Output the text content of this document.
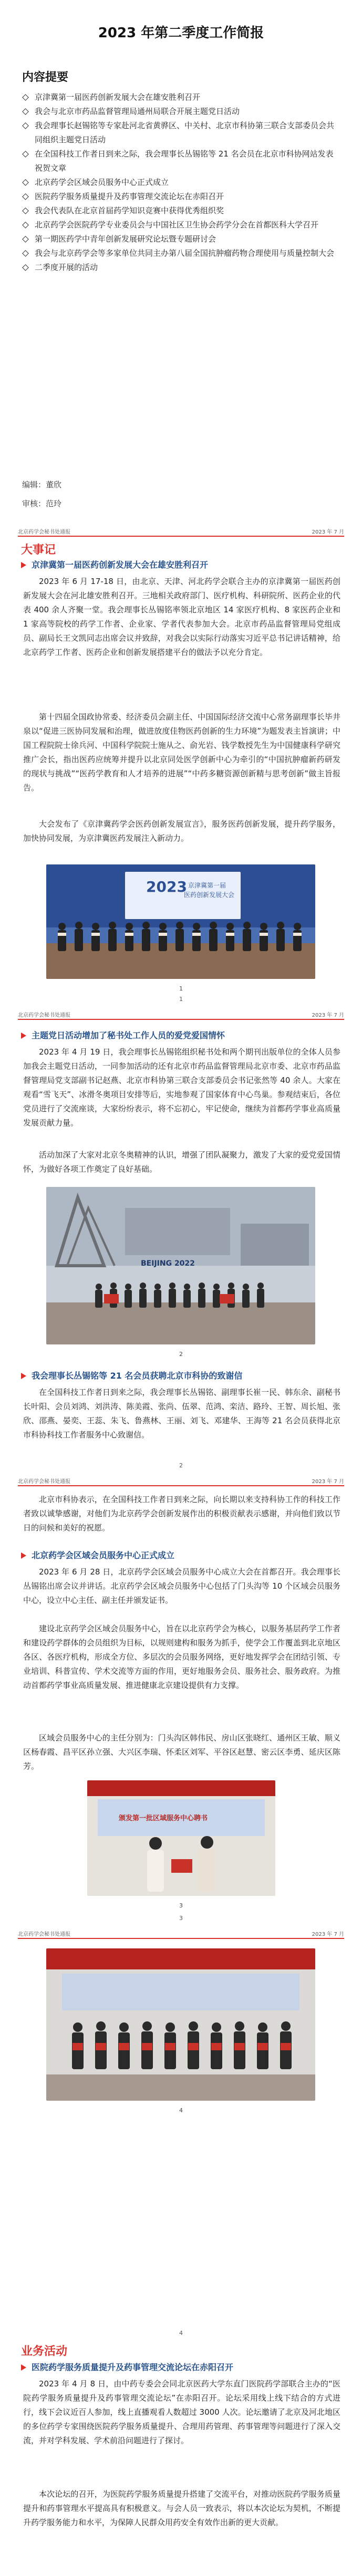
2023 年第二季度工作简报
内容提要
京津冀第一届医药创新发展大会在雄安胜利召开
我会与北京市药品监督管理局通州局联合开展主题党日活动
我会理事长赵锡铭等专家赴河北省黄骅区、中关村、北京市科协第三联合支部委员会共同组织主题党日活动
在全国科技工作者日到来之际，我会理事长丛锡铭等 21 名会员在北京市科协网站发表祝贺文章
北京药学会区域会员服务中心正式成立
医院药学服务质量提升及药事管理交流论坛在赤阳召开
我会代表队在北京首届药学知识竞赛中获得优秀组织奖
北京药学会医院药学专业委员会与中国社区卫生协会药学分会在首都医科大学召开
第一期医药学中青年创新发展研究论坛暨专题研讨会
我会与北京药学会等多家单位共同主办第八届全国抗肿瘤药物合理使用与质量控制大会
二季度开展的活动
编辑：董欣
审核：范玲
北京药学会秘书处通报	2023 年 7 月
大事记
京津冀第一届医药创新发展大会在雄安胜利召开
2023 年 6 月 17-18 日，由北京、天津、河北药学会联合主办的京津冀第一届医药创新发展大会在河北雄安胜利召开。三地相关政府部门、医疗机构、科研院所、医药企业的代表 400 余人齐聚一堂。我会理事长丛锡铭率领北京地区 14 家医疗机构、8 家医药企业和 1 家高等院校的药学工作者、企业家、学者代表参加大会。北京市药品监督管理局党组成员、副局长王文凯同志出席会议并致辞，对我会以实际行动落实习近平总书记讲话精神，给北京药学工作者、医药企业和创新发展搭建平台的做法予以充分肯定。
第十四届全国政协常委、经济委员会副主任、中国国际经济交流中心常务副理事长毕井泉以“促进三医协同发展和治理，做进放度佳物医药创新的生力环境”为题发表主旨演讲；中国工程院院士徐兵河、中国科学院院士施从之、俞光岩、钱学数授先生为中国健康科学研究推广会长，指出医药应统筹并提升以北京同处医学创新中心为牵引的“中国抗肿瘤新药研发的现状与挑战”“医药学教育和人才培养的进展”“中药多糖资源创新精与思考创新”做主旨报告。
大会发布了《京津冀药学会医药创新发展宣言》，服务医药创新发展，提升药学服务，加快协同发展，为京津冀医药发展注入新动力。
2023 京津冀第一届
医药创新发展大会
1
1
北京药学会秘书处通报	2023 年 7 月
主题党日活动增加了秘书处工作人员的爱党爱国情怀
2023 年 4 月 19 日，我会理事长丛锡铭组织秘书处和两个期刊出版单位的全体人员参加我会主题党日活动，一同参加活动的还有北京市药品监督管理局北京市委、北京市药品监督管理局党支部副书记赵燕、北京市科协第三联合支部委员会书记张然等 40 余人。大家在观看“雪飞天”、冰滑冬奥项目安排等后，实地参观了国家体育中心鸟巢。参观结束后，各位党员进行了交流座谈，大家纷纷表示，将不忘初心，牢记使命，继续为首都药学事业高质量发展贡献力量。
活动加深了大家对北京冬奥精神的认识，增强了团队凝聚力，激发了大家的爱党爱国情怀，为做好各项工作奠定了良好基础。
BEIJING 2022
2
我会理事长丛锡铭等 21 名会员获聘北京市科协的致谢信
在全国科技工作者日到来之际，我会理事长丛锡铭、副理事长崔一民、韩东余、副秘书长叶阳、会员刘鸿、刘洪涛、陈美霞、张尚、伍翠、范鸿、栾洁、路玲、王智、周长旭、张欣、邵燕、晏奕、王蕊、朱飞、鲁燕林、王丽、刘飞、邓建华、王海等 21 名会员获得北京市科协科技工作者服务中心致谢信。
2
北京药学会秘书处通报	2023 年 7 月
北京市科协表示，在全国科技工作者日到来之际，向长期以来支持科协工作的科技工作者致以诚挚感谢，对他们为北京药学会创新发展作出的积极贡献表示感谢，并向他们致以节日的问候和美好的祝愿。
北京药学会区域会员服务中心正式成立
2023 年 6 月 28 日，北京药学会区域会员服务中心成立大会在首都召开。我会理事长丛锡铭出席会议并讲话。北京药学会区域会员服务中心包括了门头沟等 10 个区域会员服务中心，设立中心主任、副主任并颁发证书。
建设北京药学会区域会员服务中心，旨在以北京药学会为核心，以服务基层药学工作者和建设药学群体的会员组织为目标，以规则建构和服务为抓手，使学会工作覆盖到北京地区各区、各医疗机构，形成全方位、多层次的会员服务网络，更好地发挥学会在团结引领、专业培训、科普宣传、学术交流等方面的作用，更好地服务会员、服务社会、服务政府。为推动首都药学事业高质量发展、推进健康北京建设提供有力支撑。
区域会员服务中心的主任分别为：门头沟区韩伟民、房山区张晓红、通州区王敏、顺义区杨春霞、昌平区孙立强、大兴区李瑞、怀柔区刘军、平谷区赵慧、密云区李勇、延庆区陈芳。
颁发第一批区域服务中心聘书
3
3
北京药学会秘书处通报	2023 年 7 月
4
业务活动
医院药学服务质量提升及药事管理交流论坛在赤阳召开
2023 年 4 月 8 日，由中药专委会会同北京医药大学东直门医院药学部联合主办的“医院药学服务质量提升及药事管理交流论坛”在赤阳召开。论坛采用线上线下结合的方式进行，线下会议近百人参加，线上直播观看人数超过 3000 人次。论坛邀请了北京及河北地区的多位药学专家围绕医院药学服务质量提升、合理用药管理、药事管理等问题进行了深入交流，并对学科发展、学术前沿问题进行了探讨。
本次论坛的召开，为医院药学服务质量提升搭建了交流平台，对推动医院药学服务质量提升和药事管理水平提高具有积极意义。与会人员一致表示，将以本次论坛为契机，不断提升药学服务能力和水平，为保障人民群众用药安全有效作出新的更大贡献。
4
